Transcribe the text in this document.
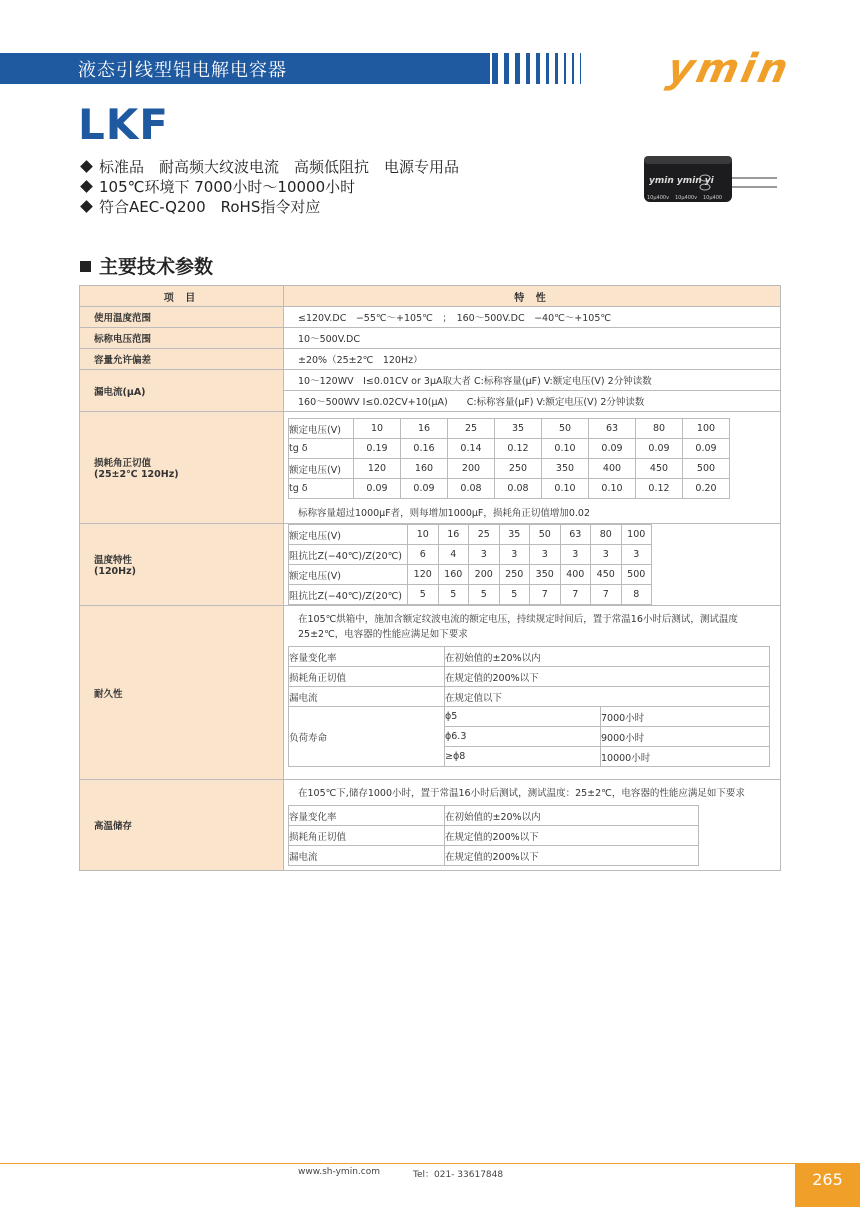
液态引线型铝电解电容器	ymin
LKF
标准品　耐高频大纹波电流　高频低阻抗　电源专用品
105℃环境下 7000小时～10000小时
符合AEC-Q200　RoHS指令对应
ymin ymin yi
10µ400v 10µ400v 10µ400
主要技术参数
项 目	特 性
使用温度范围	≤120V.DC　−55℃～+105℃　；　160～500V.DC　−40℃～+105℃
标称电压范围	10～500V.DC
容量允许偏差	±20%（25±2℃　120Hz）
漏电流(μA)	10～120WV　I≤0.01CV or 3μA取大者 C:标称容量(μF) V:额定电压(V) 2分钟读数
160～500WV I≤0.02CV+10(μA)　　C:标称容量(μF) V:额定电压(V) 2分钟读数

损耗角正切值
(25±2℃ 120Hz)

额定电压(V)	10	16	25	35	50	63	80	100
tg δ	0.19	0.16	0.14	0.12	0.10	0.09	0.09	0.09
额定电压(V)	120	160	200	250	350	400	450	500
tg δ	0.09	0.09	0.08	0.08	0.10	0.10	0.12	0.20
标称容量超过1000μF者，则每增加1000μF，损耗角正切值增加0.02

温度特性
(120Hz)

额定电压(V)	10	16	25	35	50	63	80	100
阻抗比Z(−40℃)/Z(20℃)	6	4	3	3	3	3	3	3
额定电压(V)	120	160	200	250	350	400	450	500
阻抗比Z(−40℃)/Z(20℃)	5	5	5	5	7	7	7	8

耐久性	
在105℃烘箱中，施加含额定纹波电流的额定电压，持续规定时间后，置于常温16小时后测试，测试温度25±2℃，电容器的性能应满足如下要求
容量变化率	在初始值的±20%以内
损耗角正切值	在规定值的200%以下
漏电流	在规定值以下
负荷寿命	ϕ5	7000小时
ϕ6.3	9000小时
≥ϕ8	10000小时

高温储存	
在105℃下,储存1000小时，置于常温16小时后测试，测试温度：25±2℃，电容器的性能应满足如下要求
容量变化率	在初始值的±20%以内
损耗角正切值	在规定值的200%以下
漏电流	在规定值的200%以下
www.sh-ymin.com	Tel：021- 33617848	265
